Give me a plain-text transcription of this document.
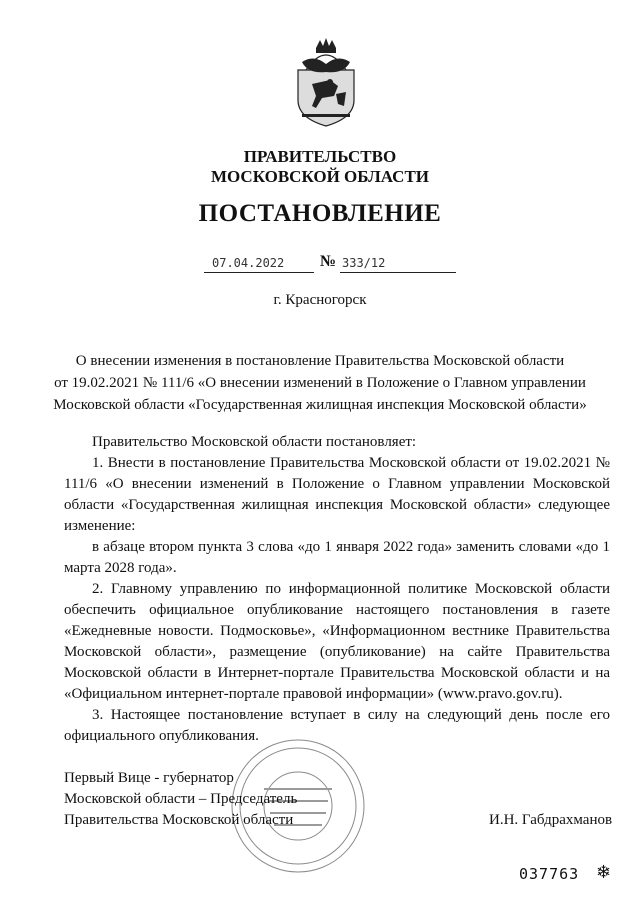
ПРАВИТЕЛЬСТВО
МОСКОВСКОЙ ОБЛАСТИ
ПОСТАНОВЛЕНИЕ
07.04.2022 № 333/12
г. Красногорск
О внесении изменения в постановление Правительства Московской области
от 19.02.2021 № 111/6 «О внесении изменений в Положение о Главном управлении
Московской области «Государственная жилищная инспекция Московской области»

Правительство Московской области постановляет:

1. Внести в постановление Правительства Московской области от 19.02.2021 № 111/6 «О внесении изменений в Положение о Главном управлении Московской области «Государственная жилищная инспекция Московской области» следующее изменение:

в абзаце втором пункта 3 слова «до 1 января 2022 года» заменить словами «до 1 марта 2028 года».

2. Главному управлению по информационной политике Московской области обеспечить официальное опубликование настоящего постановления в газете «Ежедневные новости. Подмосковье», «Информационном вестнике Правительства Московской области», размещение (опубликование) на сайте Правительства Московской области в Интернет-портале Правительства Московской области и на «Официальном интернет-портале правовой информации» (www.pravo.gov.ru).

3. Настоящее постановление вступает в силу на следующий день после его официального опубликования.

Первый Вице - губернатор
Московской области – Председатель
Правительства Московской области	И.Н. Габдрахманов
037763 ❄
